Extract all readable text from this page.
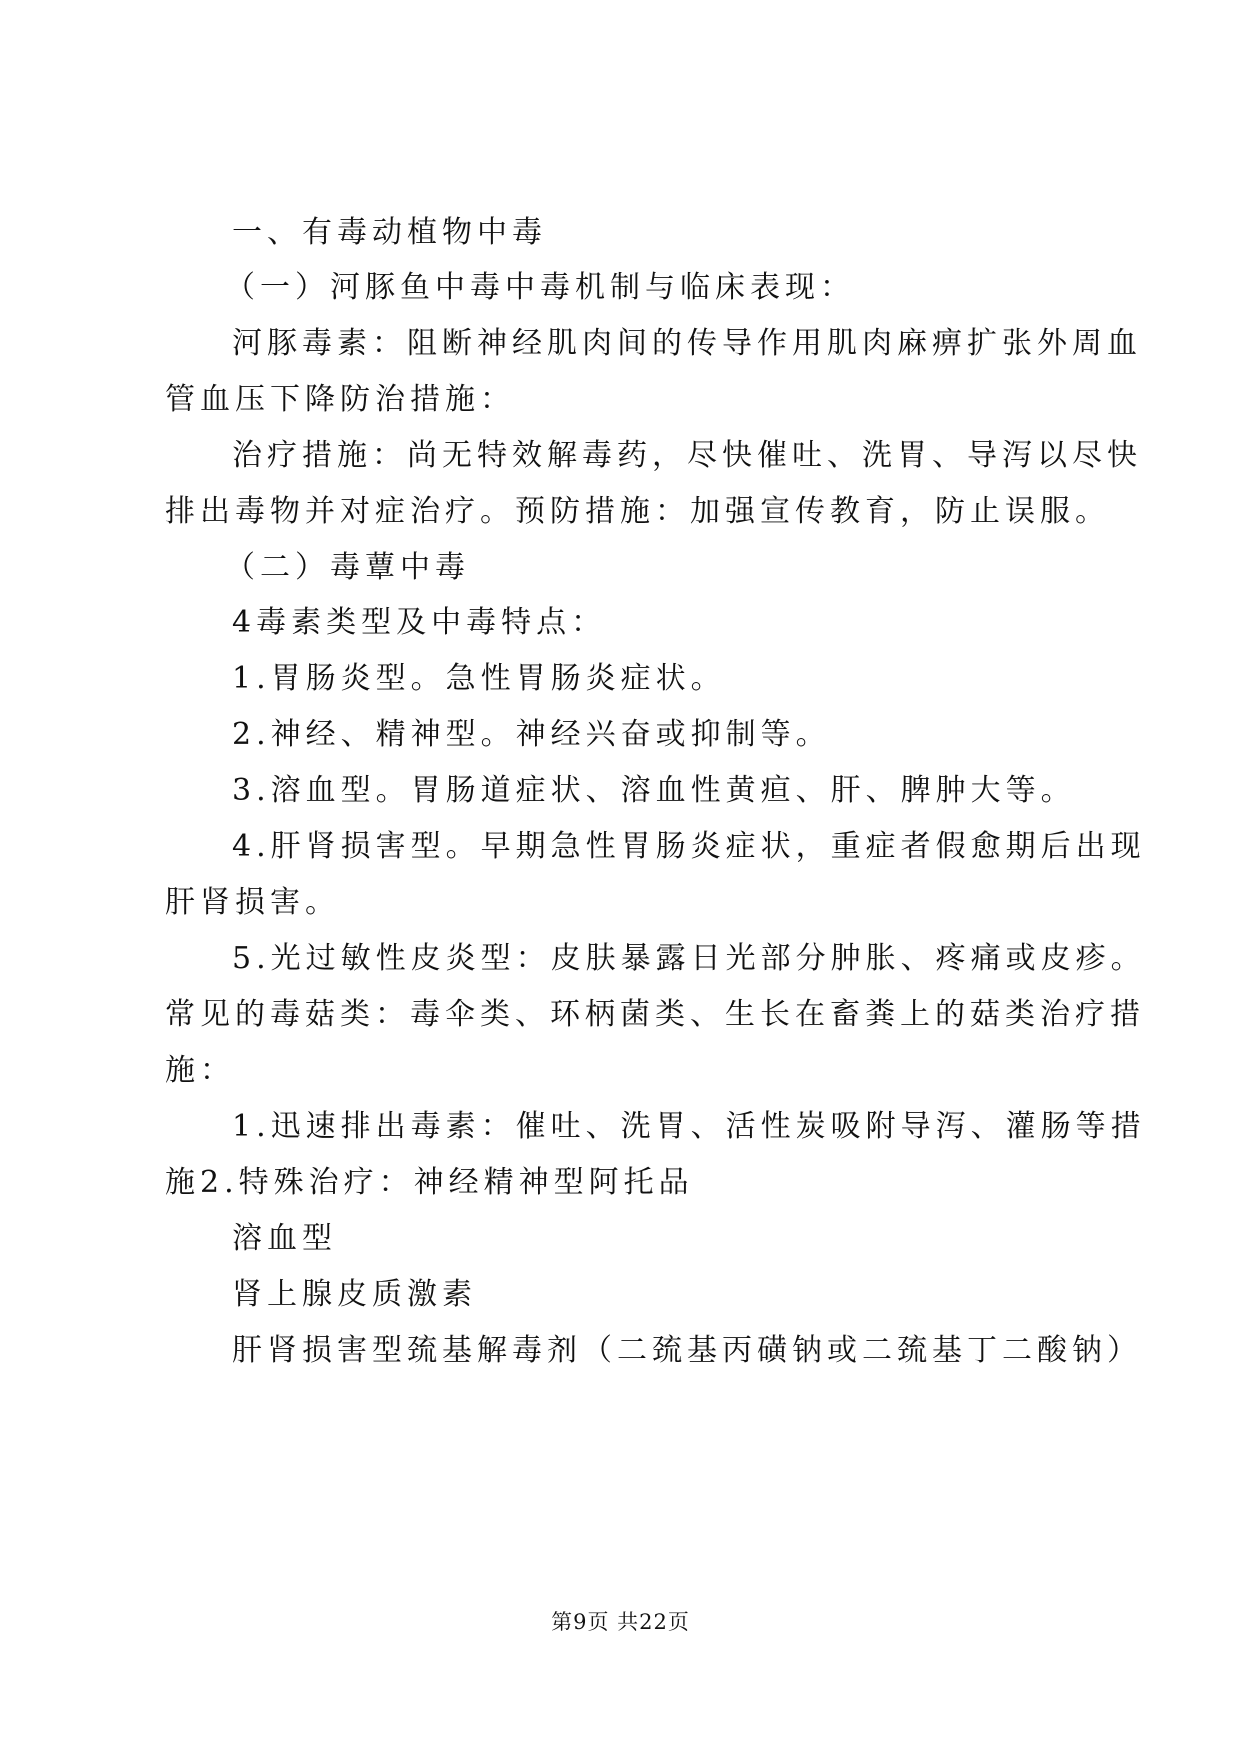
一、有毒动植物中毒
（一）河豚鱼中毒中毒机制与临床表现：
河豚毒素：阻断神经肌肉间的传导作用肌肉麻痹扩张外周血
管血压下降防治措施：
治疗措施：尚无特效解毒药，尽快催吐、洗胃、导泻以尽快
排出毒物并对症治疗。预防措施：加强宣传教育，防止误服。
（二）毒蕈中毒
4毒素类型及中毒特点：
1.胃肠炎型。急性胃肠炎症状。
2.神经、精神型。神经兴奋或抑制等。
3.溶血型。胃肠道症状、溶血性黄疸、肝、脾肿大等。
4.肝肾损害型。早期急性胃肠炎症状，重症者假愈期后出现
肝肾损害。
5.光过敏性皮炎型：皮肤暴露日光部分肿胀、疼痛或皮疹。
常见的毒菇类：毒伞类、环柄菌类、生长在畜粪上的菇类治疗措
施：
1.迅速排出毒素：催吐、洗胃、活性炭吸附导泻、灌肠等措
施2.特殊治疗：神经精神型阿托品
溶血型
肾上腺皮质激素
肝肾损害型巯基解毒剂（二巯基丙磺钠或二巯基丁二酸钠）
第9页 共22页
